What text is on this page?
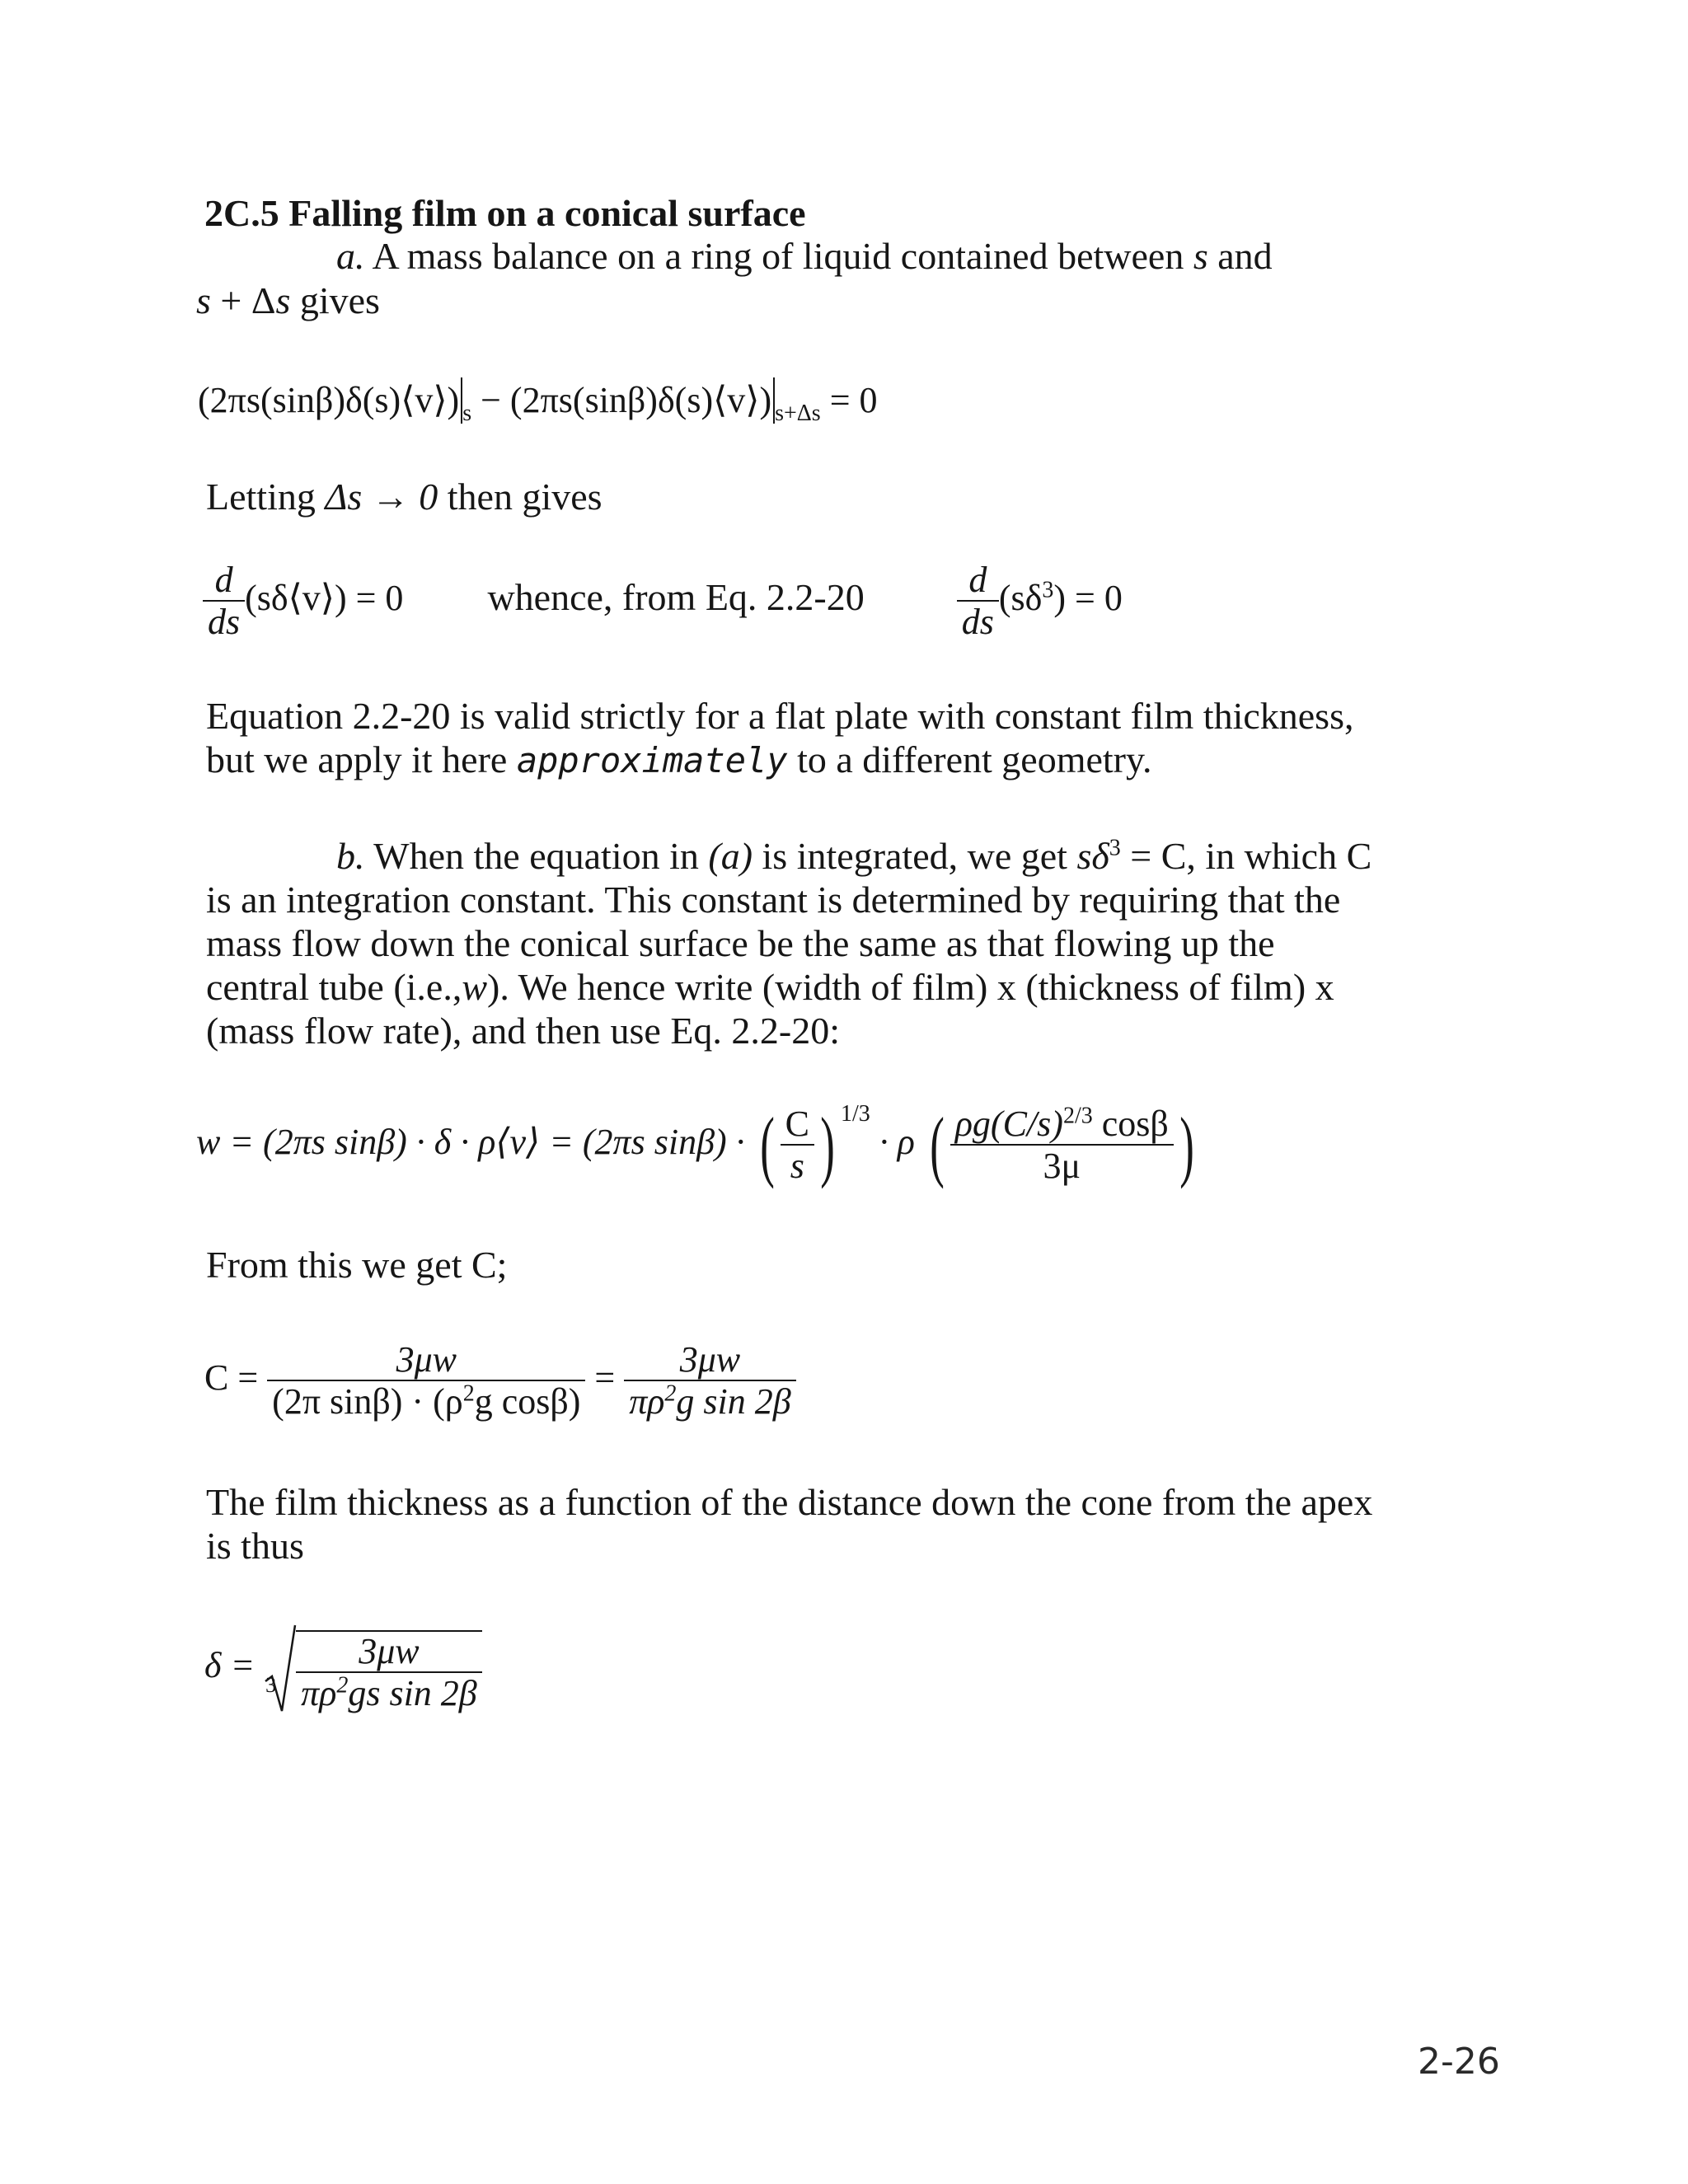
2C.5 Falling film on a conical surface
a. A mass balance on a ring of liquid contained between s and
s + Δs gives
(2πs(sinβ)δ(s)⟨v⟩) $_s$ − (2πs(sinβ)δ(s)⟨v⟩) $_{s+\Delta s}$ = 0
Letting Δs → 0 then gives
$\frac{d}{ds}$ (sδ⟨v⟩) = 0 whence, from Eq. 2.2-20	$\frac{d}{ds} (s\delta^3) = 0$
Equation 2.2-20 is valid strictly for a flat plate with constant film thickness, but we apply it here approximately to a different geometry.
b. When the equation in (a) is integrated, we get $s\delta^3 = C$, in which C is an integration constant. This constant is determined by requiring that the mass flow down the conical surface be the same as that flowing up the central tube (i.e.,w). We hence write (width of film) x (thickness of film) x (mass flow rate), and then use Eq. 2.2-20:
w = (2πs sinβ) · δ · ρ⟨v⟩ = (2πs sinβ) · ( $\frac{C}{s}$ ) $^{1/3}$ · ρ ( $\frac{\rho g(C/s)^{2/3} \cos\beta}{3\mu}$ )
From this we get C;
$C = \frac{3\mu w}{(2\pi \sin\beta) \cdot (\rho^2g \cos\beta)} = \frac{3\mu w}{\pi\rho^2g \sin 2\beta}$
The film thickness as a function of the distance down the cone from the apex is thus
$\delta = _3 \frac{3\mu w}{\pi\rho^2gs \sin 2\beta}$
2-26
